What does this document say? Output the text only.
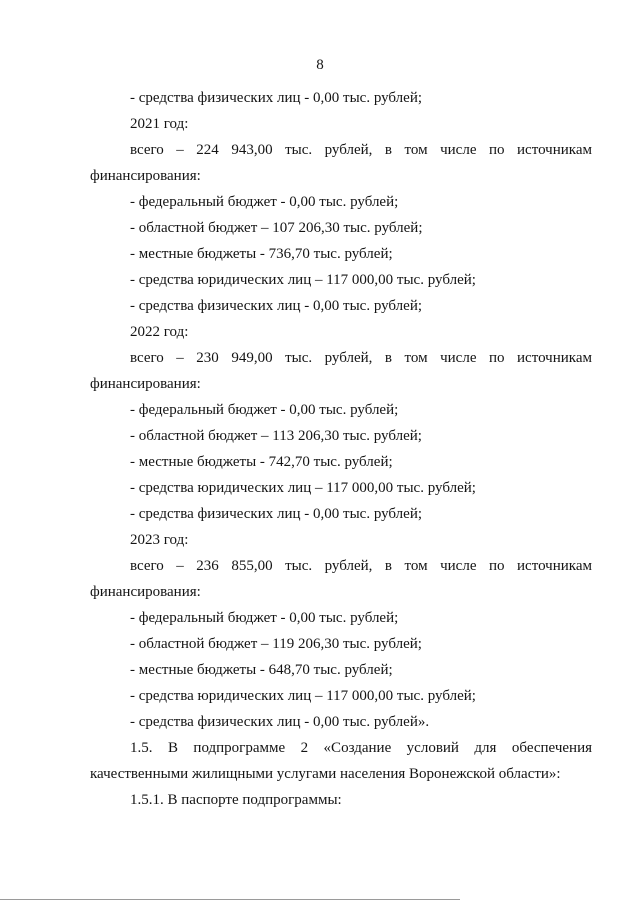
8
- средства физических лиц - 0,00 тыс. рублей;
2021 год:
всего – 224 943,00 тыс. рублей, в том числе по источникам
финансирования:
- федеральный бюджет - 0,00 тыс. рублей;
- областной бюджет – 107 206,30 тыс. рублей;
- местные бюджеты - 736,70 тыс. рублей;
- средства юридических лиц – 117 000,00 тыс. рублей;
- средства физических лиц - 0,00 тыс. рублей;
2022 год:
всего – 230 949,00 тыс. рублей, в том числе по источникам
финансирования:
- федеральный бюджет - 0,00 тыс. рублей;
- областной бюджет – 113 206,30 тыс. рублей;
- местные бюджеты - 742,70 тыс. рублей;
- средства юридических лиц – 117 000,00 тыс. рублей;
- средства физических лиц - 0,00 тыс. рублей;
2023 год:
всего – 236 855,00 тыс. рублей, в том числе по источникам
финансирования:
- федеральный бюджет - 0,00 тыс. рублей;
- областной бюджет – 119 206,30 тыс. рублей;
- местные бюджеты - 648,70 тыс. рублей;
- средства юридических лиц – 117 000,00 тыс. рублей;
- средства физических лиц - 0,00 тыс. рублей».
1.5. В подпрограмме 2 «Создание условий для обеспечения
качественными жилищными услугами населения Воронежской области»:
1.5.1. В паспорте подпрограммы:
